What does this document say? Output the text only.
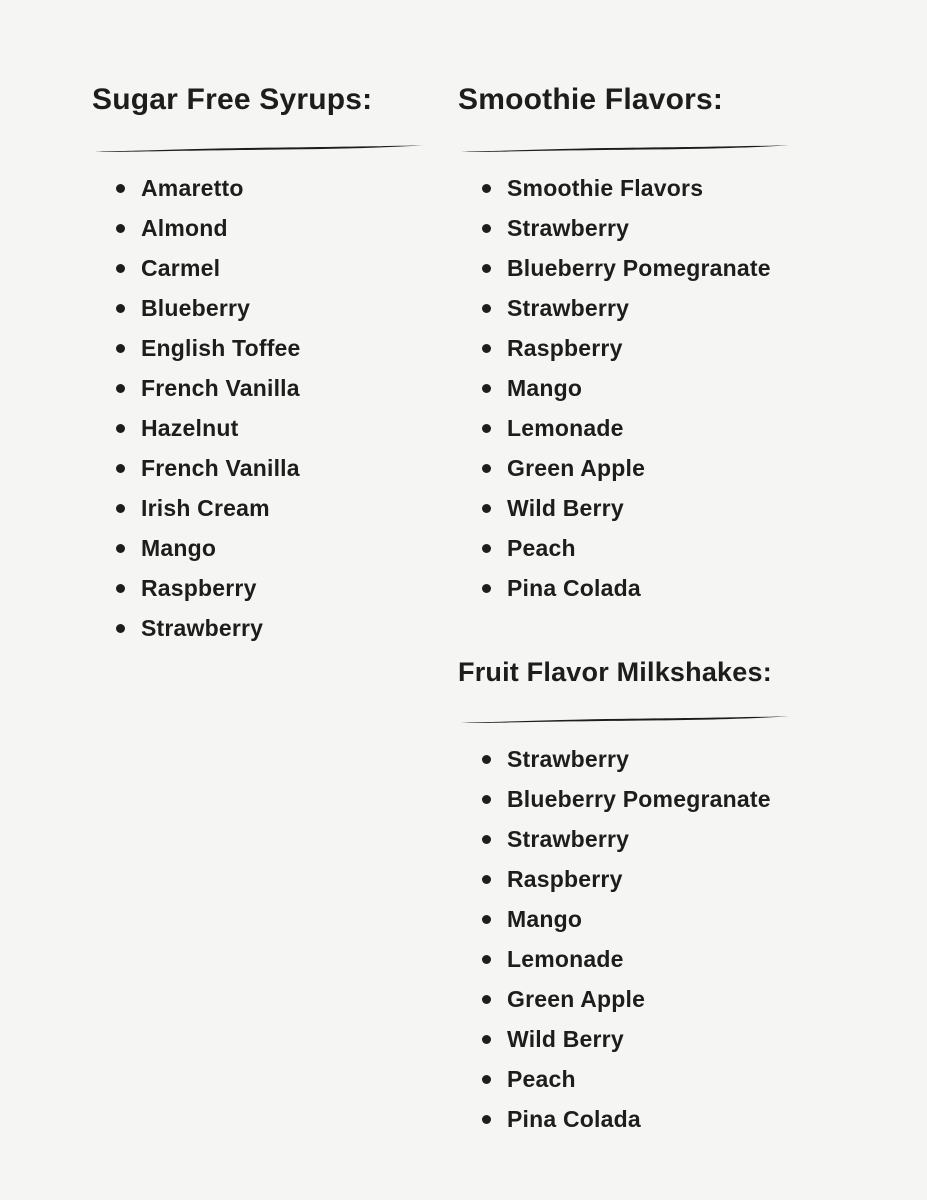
Sugar Free Syrups:
Amaretto
Almond
Carmel
Blueberry
English Toffee
French Vanilla
Hazelnut
French Vanilla
Irish Cream
Mango
Raspberry
Strawberry
Smoothie Flavors:
Smoothie Flavors
Strawberry
Blueberry Pomegranate
Strawberry
Raspberry
Mango
Lemonade
Green Apple
Wild Berry
Peach
Pina Colada
Fruit Flavor Milkshakes:
Strawberry
Blueberry Pomegranate
Strawberry
Raspberry
Mango
Lemonade
Green Apple
Wild Berry
Peach
Pina Colada
